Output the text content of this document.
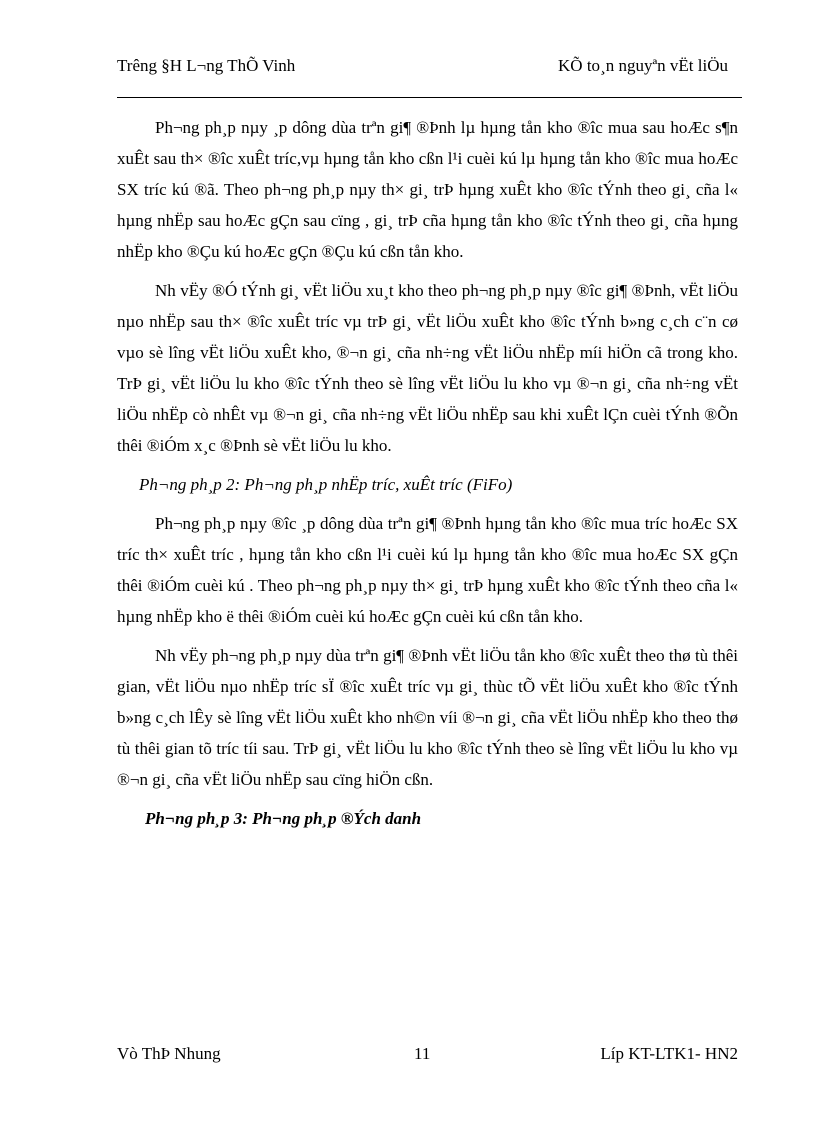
Trêng §H L¬ng ThÕ Vinh	KÕ to¸n nguyªn vËt liÖu

Ph¬ng ph¸p nµy ¸p dông dùa trªn gi¶ ®Þnh lµ hµng tån kho ®îc mua sau hoÆc s¶n xuÊt sau th× ®îc xuÊt tríc,vµ hµng tån kho cßn l¹i cuèi kú lµ hµng tån kho ®îc mua hoÆc SX tríc kú ®ã. Theo ph¬ng ph¸p nµy th× gi¸ trÞ hµng xuÊt kho ®îc tÝnh theo gi¸ cña l« hµng nhËp sau hoÆc gÇn sau cïng , gi¸ trÞ cña hµng tån kho ®îc tÝnh theo gi¸ cña hµng nhËp kho ®Çu kú hoÆc gÇn ®Çu kú cßn tån kho.

Nh vËy ®Ó tÝnh gi¸ vËt liÖu xu¸t kho theo ph¬ng ph¸p nµy ®îc gi¶ ®Þnh, vËt liÖu nµo nhËp sau th× ®îc xuÊt tríc vµ trÞ gi¸ vËt liÖu xuÊt kho ®îc tÝnh b»ng c¸ch c¨n cø vµo sè lîng vËt liÖu xuÊt kho, ®¬n gi¸ cña nh÷ng vËt liÖu nhËp míi hiÖn cã trong kho. TrÞ gi¸ vËt liÖu lu kho ®îc tÝnh theo sè lîng vËt liÖu lu kho vµ ®¬n gi¸ cña nh÷ng vËt liÖu nhËp cò nhÊt vµ ®¬n gi¸ cña nh÷ng vËt liÖu nhËp sau khi xuÊt lÇn cuèi tÝnh ®Õn thêi ®iÓm x¸c ®Þnh sè vËt liÖu lu kho.

Ph¬ng ph¸p 2: Ph¬ng ph¸p nhËp tríc, xuÊt tríc (FiFo)

Ph¬ng ph¸p nµy ®îc ¸p dông dùa trªn gi¶ ®Þnh hµng tån kho ®îc mua tríc hoÆc SX tríc th× xuÊt tríc , hµng tån kho cßn l¹i cuèi kú lµ hµng tån kho ®îc mua hoÆc SX gÇn thêi ®iÓm cuèi kú . Theo ph¬ng ph¸p nµy th× gi¸ trÞ hµng xuÊt kho ®îc tÝnh theo cña l« hµng nhËp kho ë thêi ®iÓm cuèi kú hoÆc gÇn cuèi kú cßn tån kho.

Nh vËy ph¬ng ph¸p nµy dùa trªn gi¶ ®Þnh vËt liÖu tån kho ®îc xuÊt theo thø tù thêi gian, vËt liÖu nµo nhËp tríc sÏ ®îc xuÊt tríc vµ gi¸ thùc tÕ vËt liÖu xuÊt kho ®îc tÝnh b»ng c¸ch lÊy sè lîng vËt liÖu xuÊt kho nh©n víi ®¬n gi¸ cña vËt liÖu nhËp kho theo thø tù thêi gian tõ tríc tíi sau. TrÞ gi¸ vËt liÖu lu kho ®îc tÝnh theo sè lîng vËt liÖu lu kho vµ ®¬n gi¸ cña vËt liÖu nhËp sau cïng hiÖn cßn.

Ph¬ng ph¸p 3: Ph¬ng ph¸p ®Ých danh

Vò ThÞ Nhung	11	Líp KT-LTK1- HN2
